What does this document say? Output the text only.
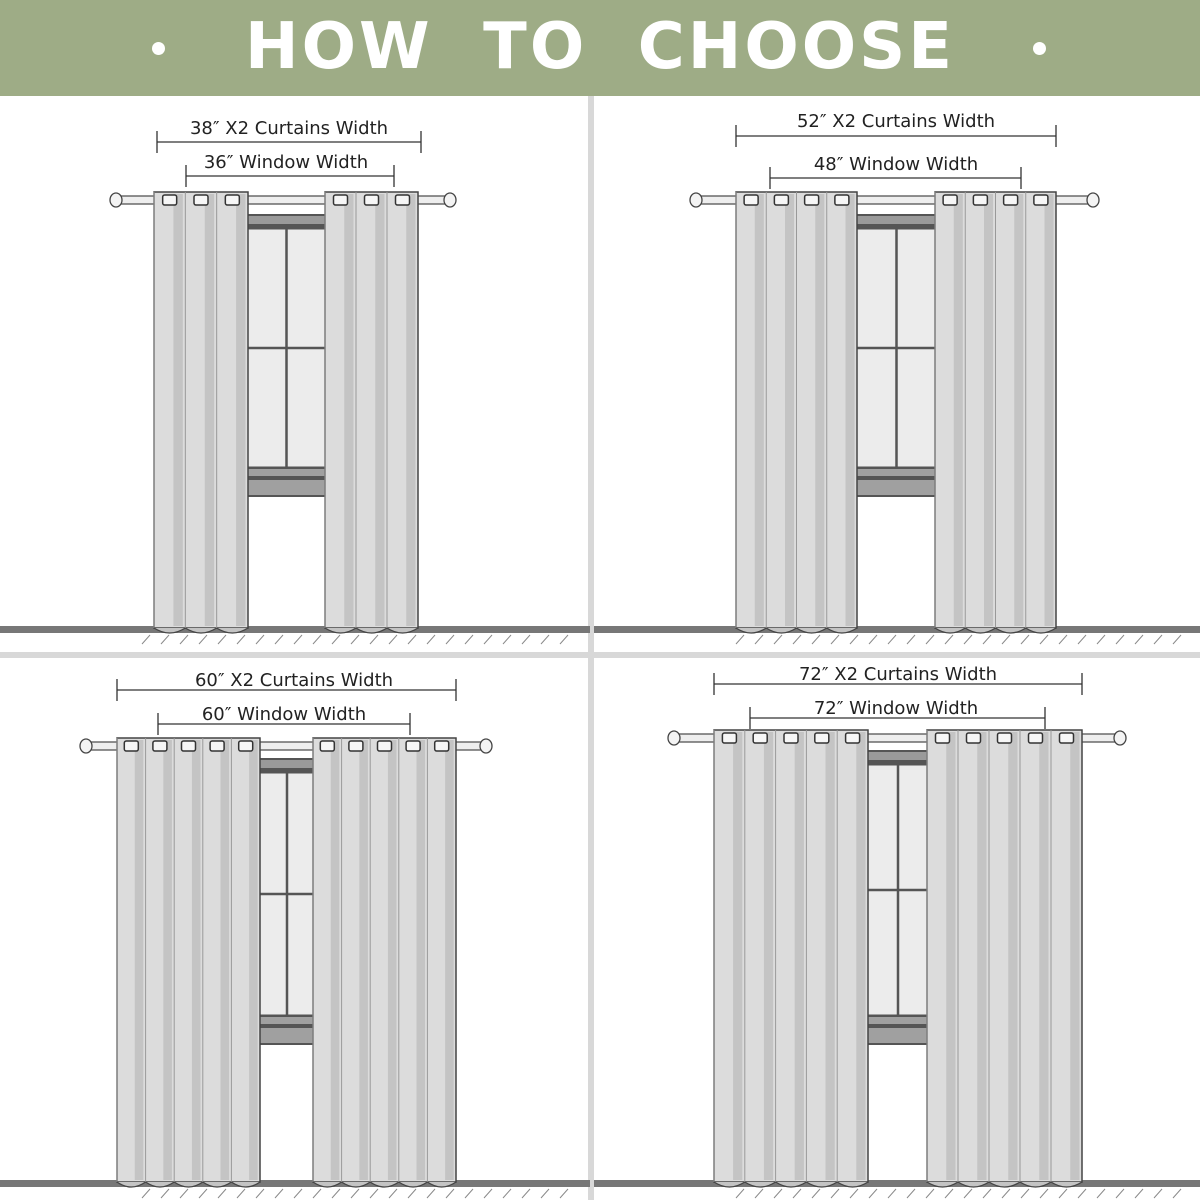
HOW  TO  CHOOSE
38″ X2 Curtains Width
36″ Window Width
52″ X2 Curtains Width
48″ Window Width
60″ X2 Curtains Width
60″ Window Width
72″ X2 Curtains Width
72″ Window Width
